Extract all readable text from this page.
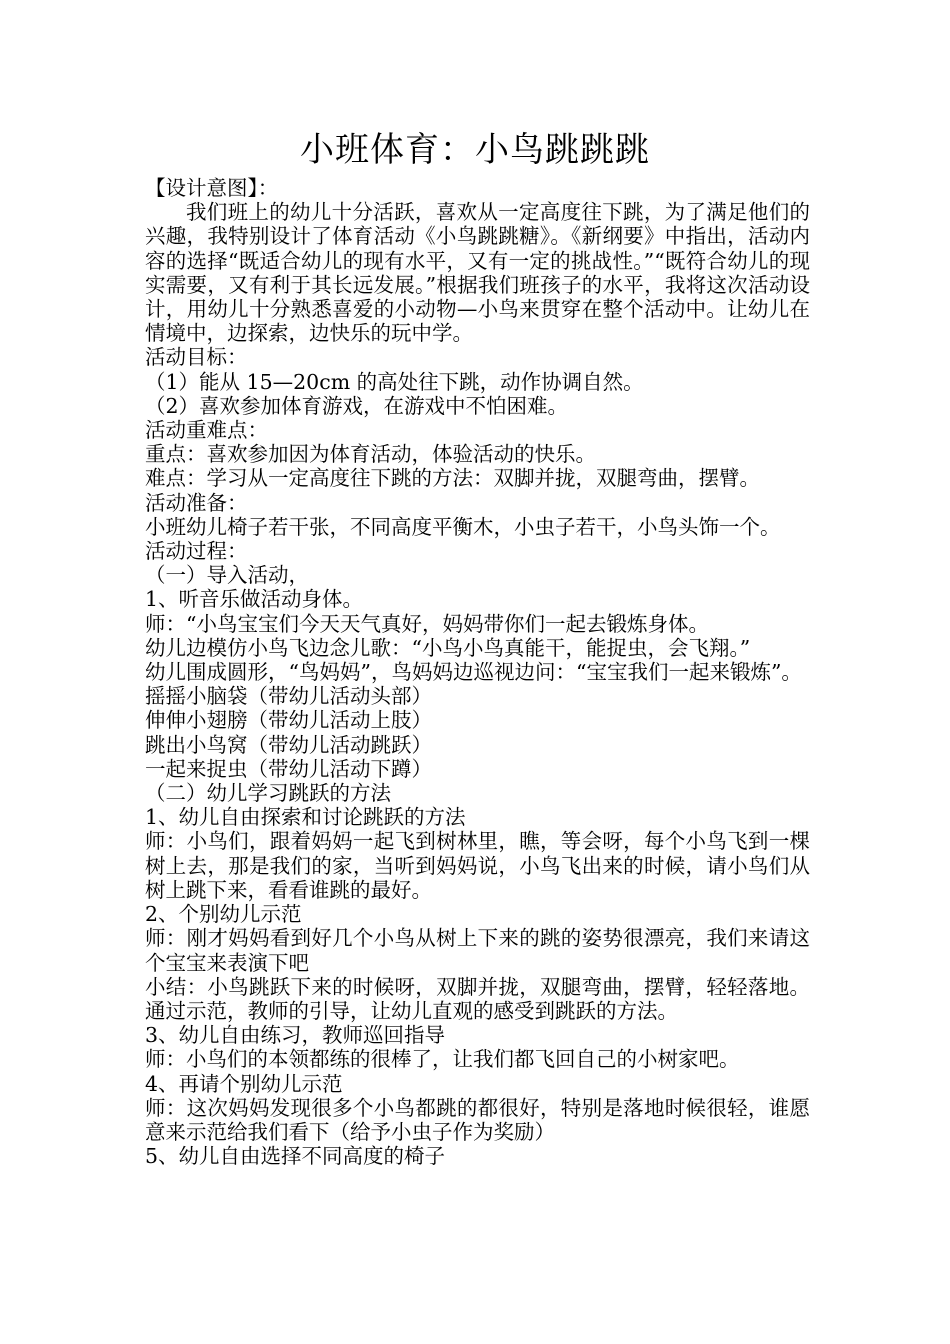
小班体育：小鸟跳跳跳

【设计意图】：

我们班上的幼儿十分活跃，喜欢从一定高度往下跳，为了满足他们的兴趣，我特别设计了体育活动《小鸟跳跳糖》。《新纲要》中指出，活动内容的选择“既适合幼儿的现有水平，又有一定的挑战性。”“既符合幼儿的现实需要，又有利于其长远发展。”根据我们班孩子的水平，我将这次活动设计，用幼儿十分熟悉喜爱的小动物—小鸟来贯穿在整个活动中。让幼儿在情境中，边探索，边快乐的玩中学。

活动目标：

（1）能从 15—20cm 的高处往下跳，动作协调自然。

（2）喜欢参加体育游戏，在游戏中不怕困难。

活动重难点：

重点：喜欢参加因为体育活动，体验活动的快乐。

难点：学习从一定高度往下跳的方法：双脚并拢，双腿弯曲，摆臂。

活动准备：

小班幼儿椅子若干张，不同高度平衡木，小虫子若干，小鸟头饰一个。

活动过程：

（一）导入活动，

1、听音乐做活动身体。

师：“小鸟宝宝们今天天气真好，妈妈带你们一起去锻炼身体。

幼儿边模仿小鸟飞边念儿歌：“小鸟小鸟真能干，能捉虫，会飞翔。”

幼儿围成圆形，“鸟妈妈”，鸟妈妈边巡视边问：“宝宝我们一起来锻炼”。

摇摇小脑袋（带幼儿活动头部）

伸伸小翅膀（带幼儿活动上肢）

跳出小鸟窝（带幼儿活动跳跃）

一起来捉虫（带幼儿活动下蹲）

（二）幼儿学习跳跃的方法

1、幼儿自由探索和讨论跳跃的方法

师：小鸟们，跟着妈妈一起飞到树林里，瞧，等会呀，每个小鸟飞到一棵树上去，那是我们的家，当听到妈妈说，小鸟飞出来的时候，请小鸟们从树上跳下来，看看谁跳的最好。

2、个别幼儿示范

师：刚才妈妈看到好几个小鸟从树上下来的跳的姿势很漂亮，我们来请这个宝宝来表演下吧

小结：小鸟跳跃下来的时候呀，双脚并拢，双腿弯曲，摆臂，轻轻落地。通过示范，教师的引导，让幼儿直观的感受到跳跃的方法。

3、幼儿自由练习，教师巡回指导

师：小鸟们的本领都练的很棒了，让我们都飞回自己的小树家吧。

4、再请个别幼儿示范

师：这次妈妈发现很多个小鸟都跳的都很好，特别是落地时候很轻，谁愿意来示范给我们看下（给予小虫子作为奖励）

5、幼儿自由选择不同高度的椅子
